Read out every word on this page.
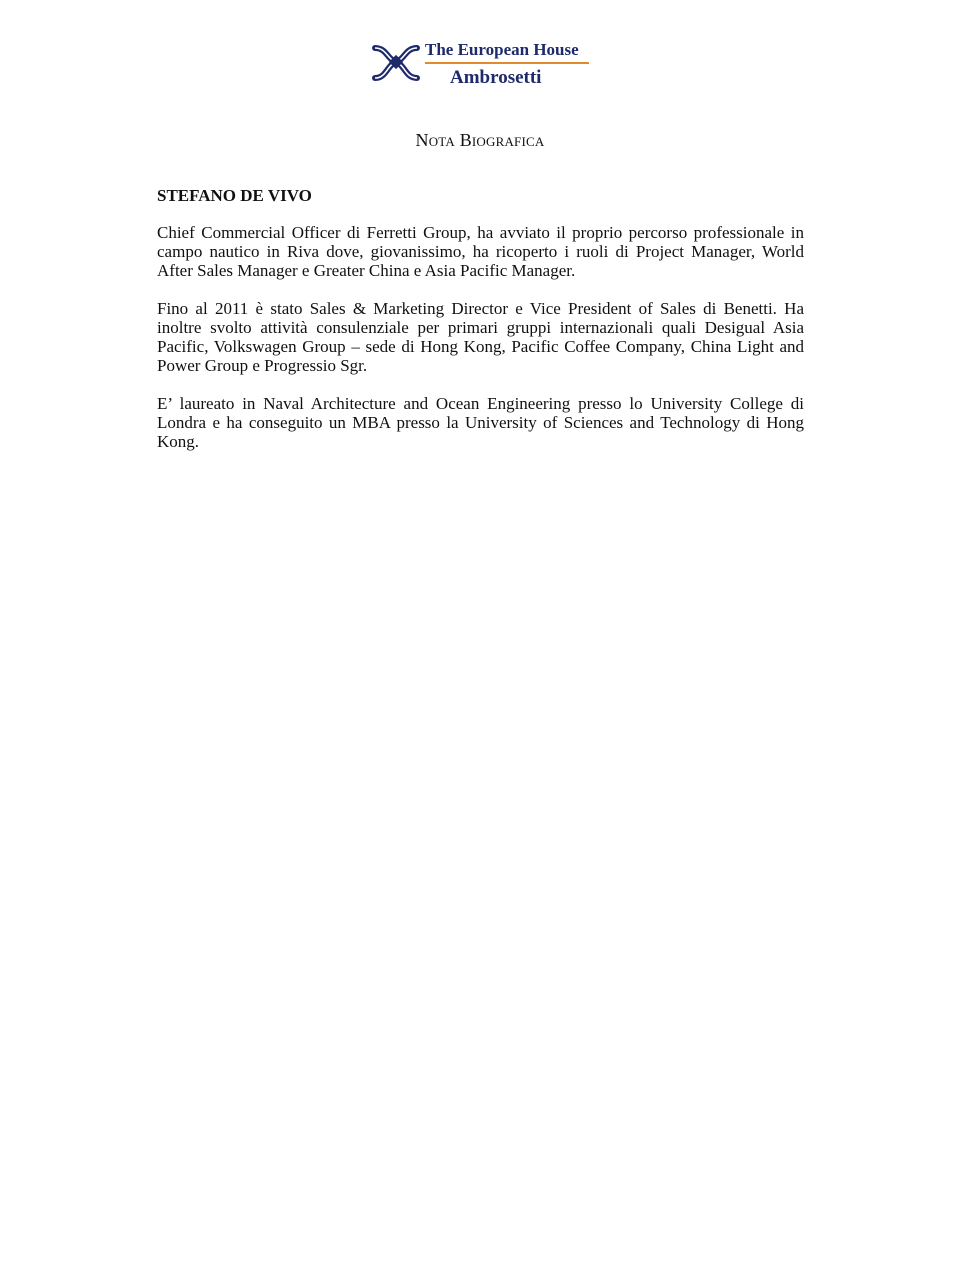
The European House
Ambrosetti
Nota Biografica
STEFANO DE VIVO

Chief Commercial Officer di Ferretti Group, ha avviato il proprio percorso professionale in campo nautico in Riva dove, giovanissimo, ha ricoperto i ruoli di Project Manager, World After Sales Manager e Greater China e Asia Pacific Manager.

Fino al 2011 è stato Sales & Marketing Director e Vice President of Sales di Benetti. Ha inoltre svolto attività consulenziale per primari gruppi internazionali quali Desigual Asia Pacific, Volkswagen Group – sede di Hong Kong, Pacific Coffee Company, China Light and Power Group e Progressio Sgr.

E’ laureato in Naval Architecture and Ocean Engineering presso lo University College di Londra e ha conseguito un MBA presso la University of Sciences and Technology di Hong Kong.
